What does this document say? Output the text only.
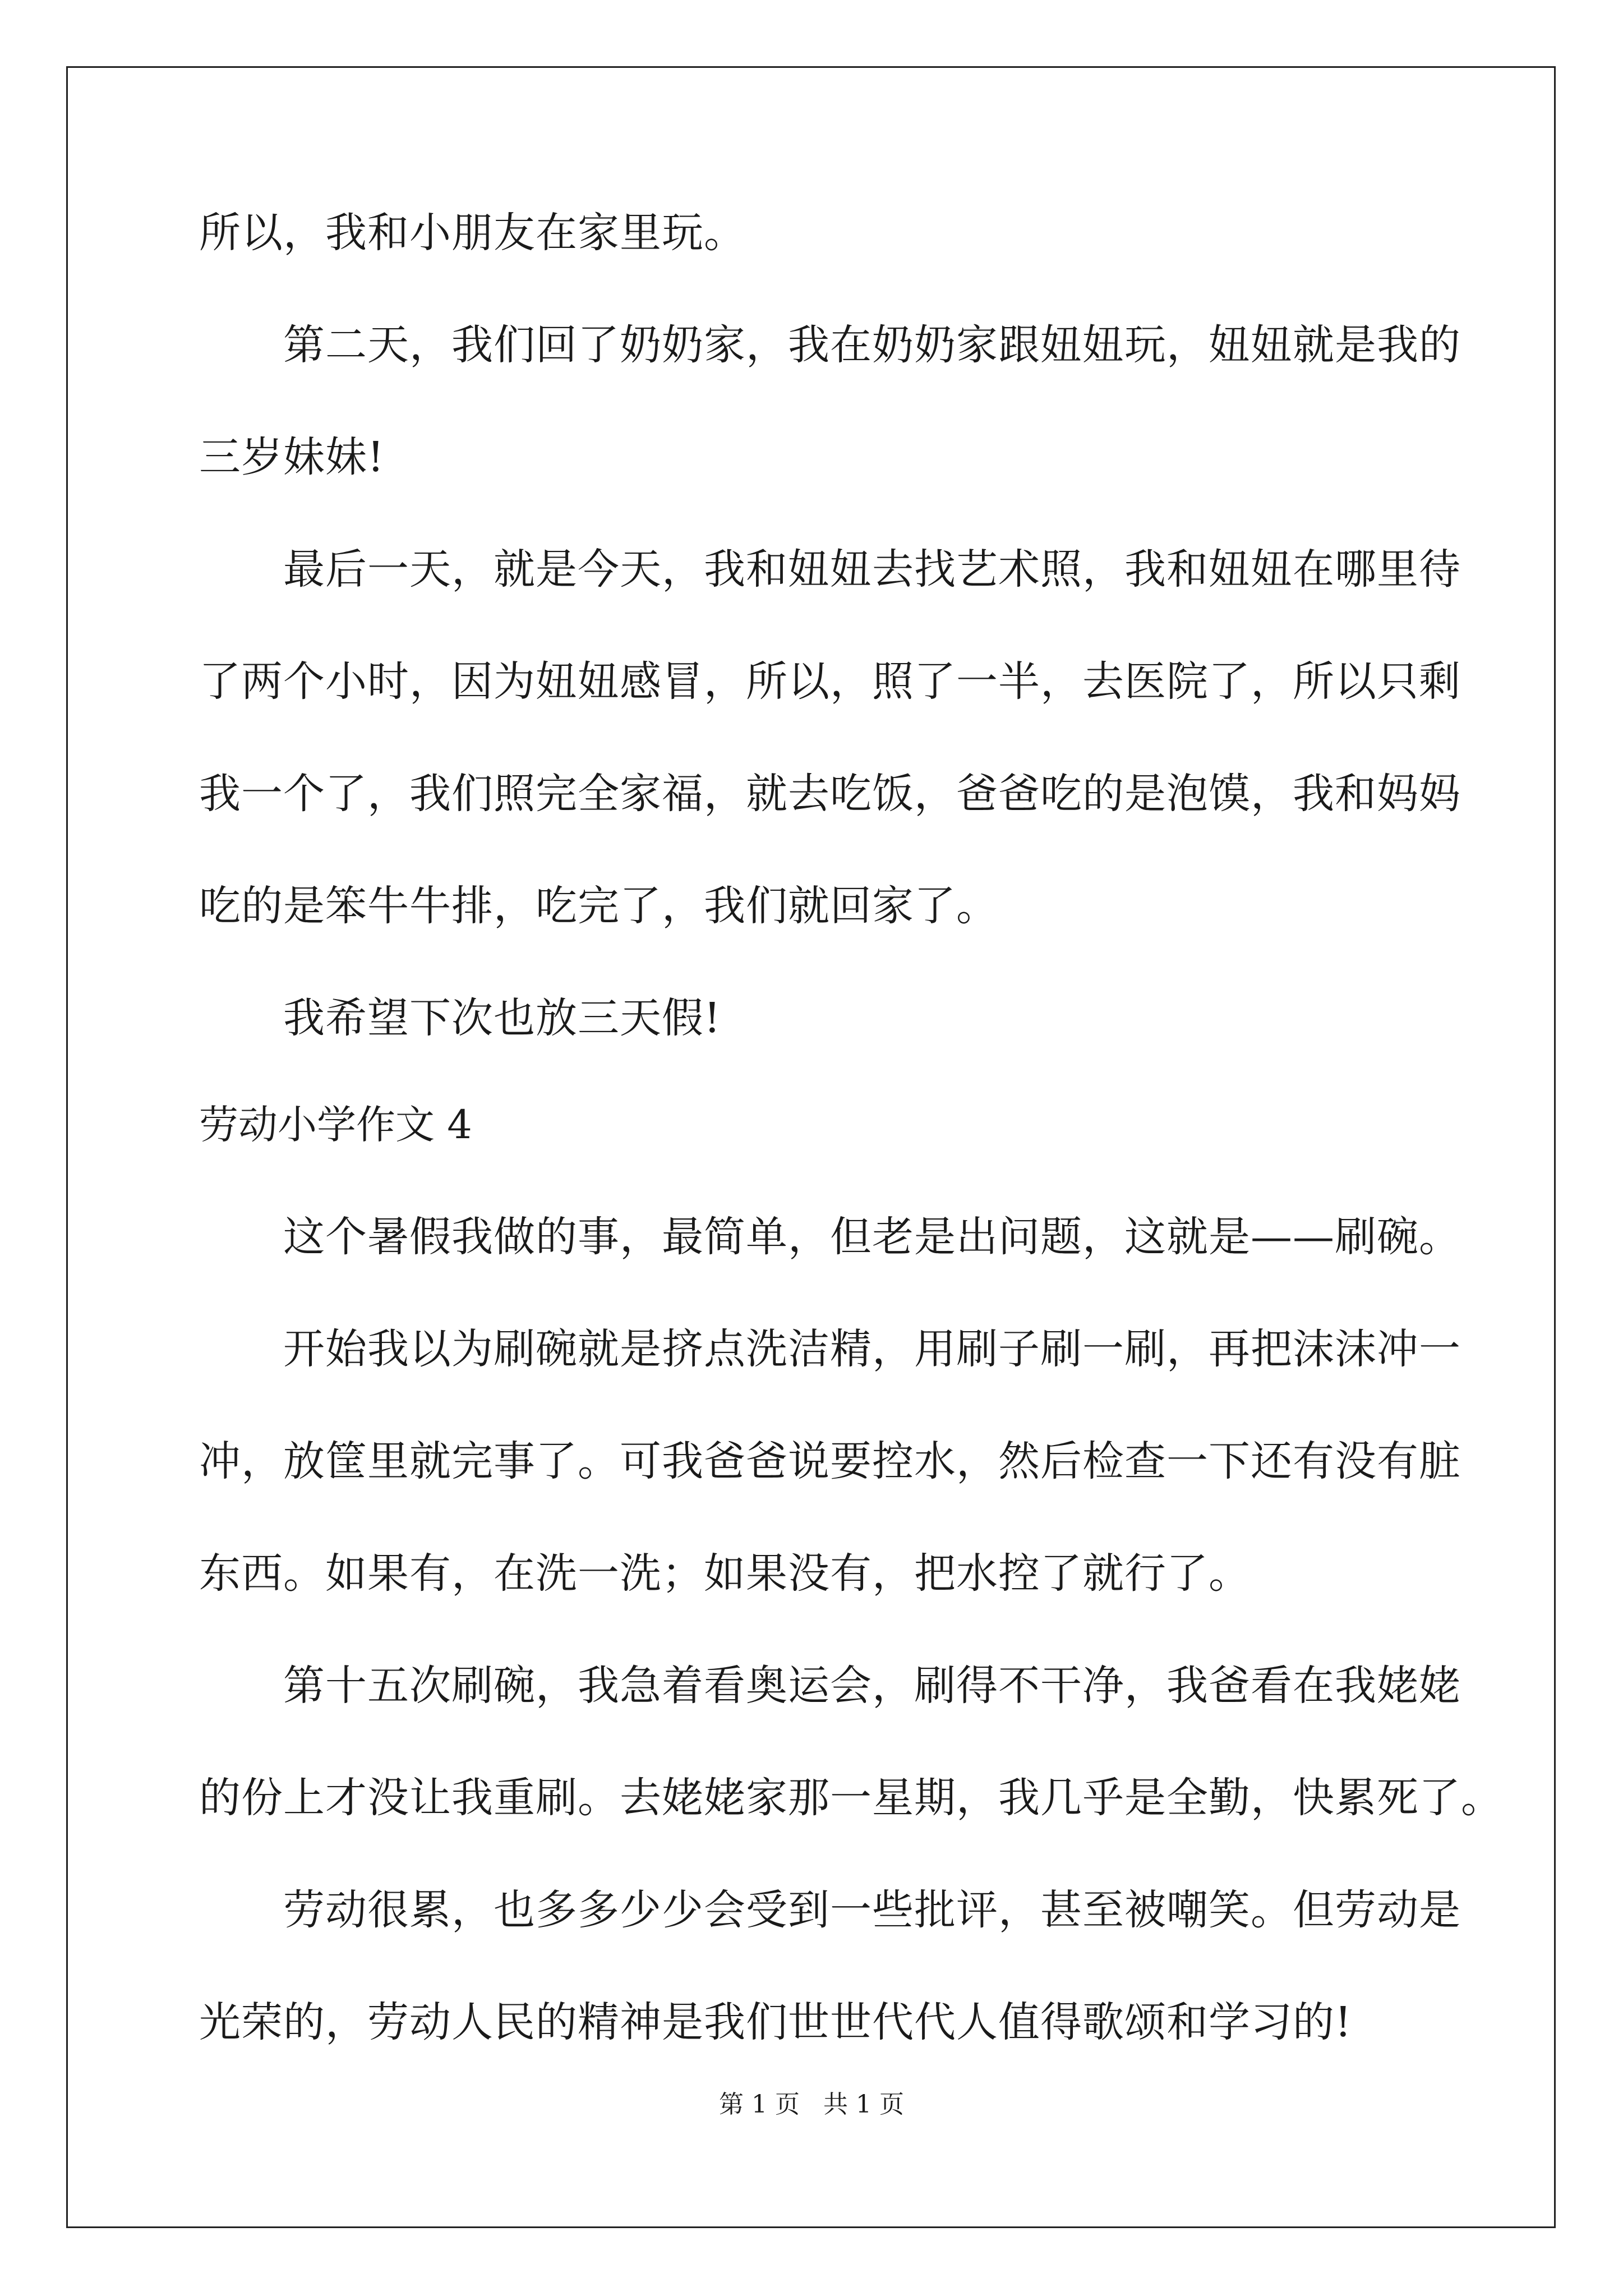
所以，我和小朋友在家里玩。
第二天，我们回了奶奶家，我在奶奶家跟妞妞玩，妞妞就是我的
三岁妹妹!
最后一天，就是今天，我和妞妞去找艺术照，我和妞妞在哪里待
了两个小时，因为妞妞感冒，所以，照了一半，去医院了，所以只剩
我一个了，我们照完全家福，就去吃饭，爸爸吃的是泡馍，我和妈妈
吃的是笨牛牛排，吃完了，我们就回家了。
我希望下次也放三天假!
劳动小学作文 4
这个暑假我做的事，最简单，但老是出问题，这就是——刷碗。
开始我以为刷碗就是挤点洗洁精，用刷子刷一刷，再把沫沫冲一
冲，放筐里就完事了。可我爸爸说要控水，然后检查一下还有没有脏
东西。如果有，在洗一洗；如果没有，把水控了就行了。
第十五次刷碗，我急着看奥运会，刷得不干净，我爸看在我姥姥
的份上才没让我重刷。去姥姥家那一星期，我几乎是全勤，快累死了。
劳动很累，也多多少少会受到一些批评，甚至被嘲笑。但劳动是
光荣的，劳动人民的精神是我们世世代代人值得歌颂和学习的!
第 1 页   共 1 页
